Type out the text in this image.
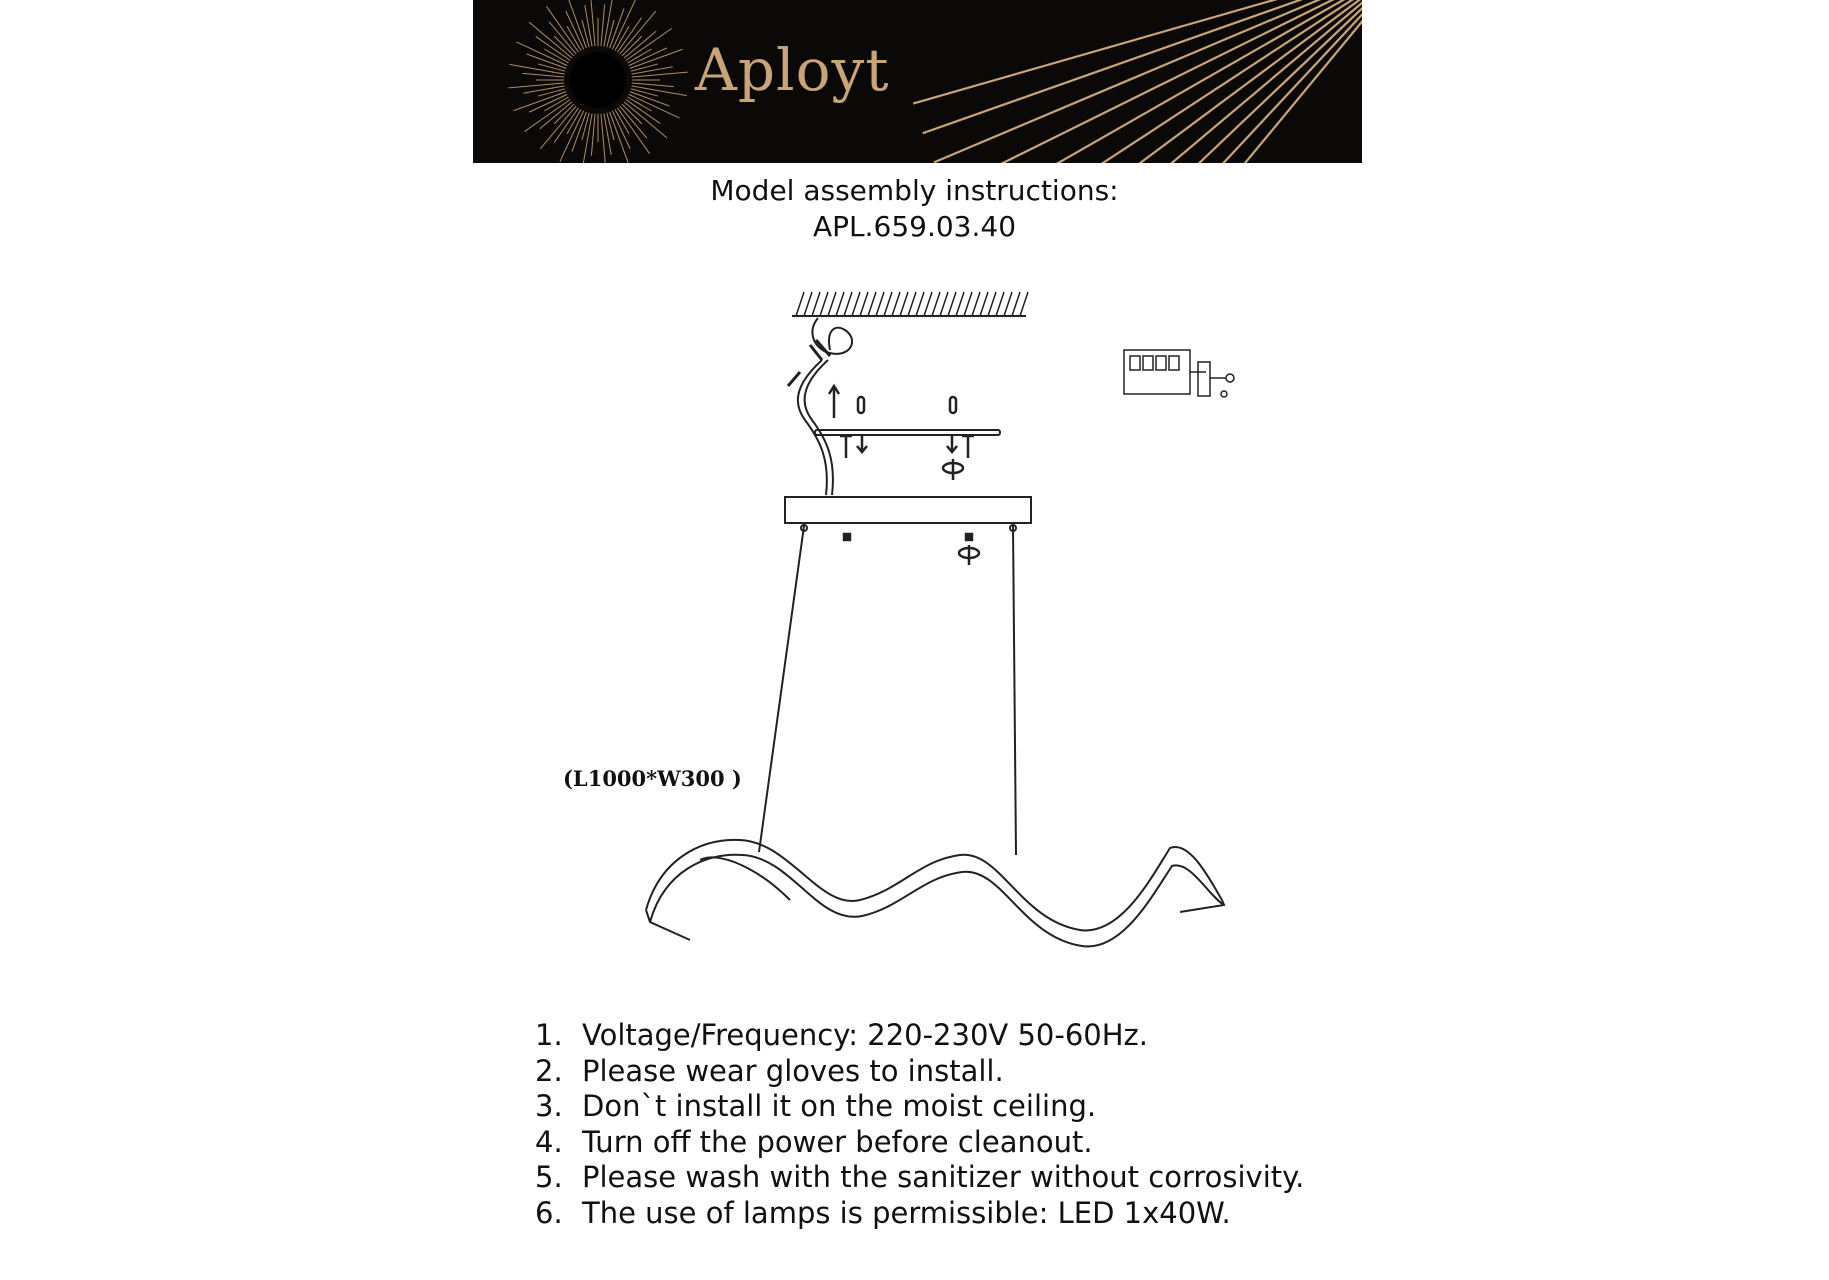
Aployt
Model assembly instructions:
APL.659.03.40
(L1000*W300 )
1. Voltage/Frequency: 220-230V 50-60Hz.
2. Please wear gloves to install.
3. Don`t install it on the moist ceiling.
4. Turn off the power before cleanout.
5. Please wash with the sanitizer without corrosivity.
6. The use of lamps is permissible: LED 1x40W.
